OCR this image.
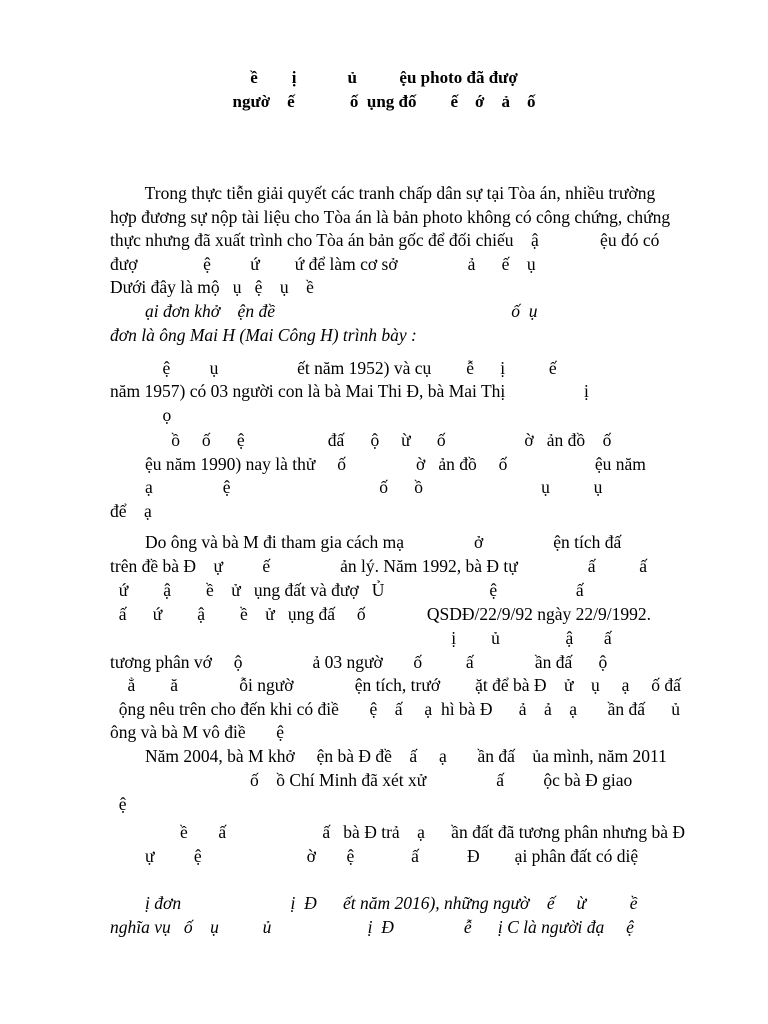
ề        ị            ủ          ệu photo đã đượ

ngườ    ế             ố  ụng đố        ế    ớ    ả    ố

Trong thực tiễn giải quyết các tranh chấp dân sự tại Tòa án, nhiều trường

hợp đương sự nộp tài liệu cho Tòa án là bản photo không có công chứng, chứng

thực nhưng đã xuất trình cho Tòa án bản gốc để đối chiếu    ậ              ệu đó có

đượ               ệ         ứ        ứ để làm cơ sở                ả      ế    ụ

Dưới đây là mộ   ụ   ệ    ụ    ề

ại đơn khở    ện đề                                                      ố  ụ

đơn là ông Mai H (Mai Công H) trình bày :

ệ         ụ                  ết năm 1952) và cụ        ễ      ị          ế

năm 1957) có 03 người con là bà Mai Thi Đ, bà Mai Thị                  ị

ọ

ồ     ố      ệ                   đấ      ộ     ừ      ố                  ờ   ản đồ    ố

ệu năm 1990) nay là thử     ố                ờ   ản đồ     ố                    ệu năm

ạ                ệ                                  ố      ồ                           ụ          ụ

để    ạ

Do ông và bà M đi tham gia cách mạ                ở                ện tích đấ

trên đề bà Đ    ự         ế                ản lý. Năm 1992, bà Đ tự                ấ          ấ

ứ        ậ        ề    ử   ụng đất và đượ   Ủ                        ệ                  ấ

ấ      ứ        ậ        ề    ử   ụng đấ     ố              QSDĐ/22/9/92 ngày 22/9/1992.

ị        ủ               ậ       ấ

tương phân vớ     ộ                ả 03 ngườ       ố          ấ              ần đấ      ộ

ẳ        ă              ỗi ngườ              ện tích, trướ        ặt để bà Đ    ử    ụ     ạ     ố đấ

ộng nêu trên cho đến khi có điề       ệ    ấ     ạ  hì bà Đ      ả    ả    ạ       ần đấ      ủ

ông và bà M vô điề       ệ

Năm 2004, bà M khở     ện bà Đ đề    ấ     ạ       ần đấ    ủa mình, năm 2011

ố    ồ Chí Minh đã xét xử                ấ         ộc bà Đ giao

ệ

ề       ấ                      ấ   bà Đ trả    ạ      ần đất đã tương phân nhưng bà Đ

ự         ệ                        ờ       ệ             ấ           Đ        ại phân đất có diệ

ị đơn                         ị  Đ      ết năm 2016), những ngườ    ế     ừ          ề

nghĩa vụ   ố    ụ          ủ                      ị  Đ                ễ      ị C là người đạ     ệ
